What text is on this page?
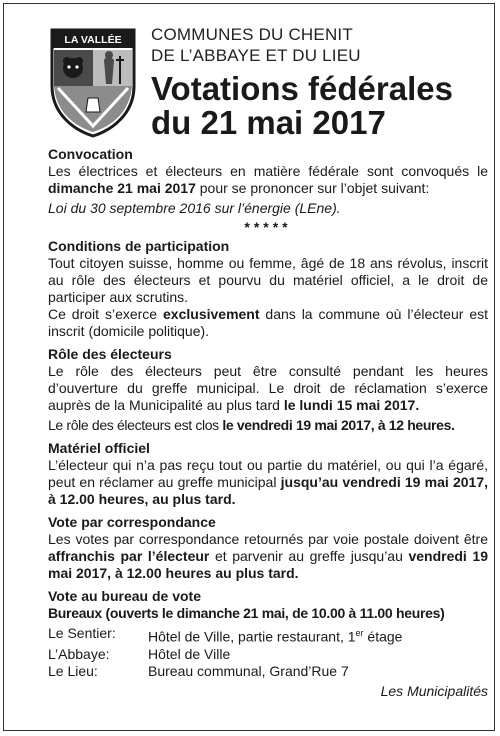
LA VALLÉE COMMUNES DU CHENIT
DE L’ABBAYE ET DU LIEU
Votations fédérales
du 21 mai 2017
Convocation

Les électrices et électeurs en matière fédérale sont convoqués le dimanche 21 mai 2017 pour se prononcer sur l’objet suivant:

Loi du 30 septembre 2016 sur l’énergie (LEne).

*****

Conditions de participation

Tout citoyen suisse, homme ou femme, âgé de 18 ans révolus, inscrit au rôle des électeurs et pourvu du matériel officiel, a le droit de participer aux scrutins.

Ce droit s’exerce exclusivement dans la commune où l’électeur est inscrit (domicile politique).

Rôle des électeurs

Le rôle des électeurs peut être consulté pendant les heures d’ouverture du greffe municipal. Le droit de réclamation s’exerce auprès de la Municipalité au plus tard le lundi 15 mai 2017.

Le rôle des électeurs est clos le vendredi 19 mai 2017, à 12 heures.

Matériel officiel

L’électeur qui n’a pas reçu tout ou partie du matériel, ou qui l’a égaré, peut en réclamer au greffe municipal jusqu’au vendredi 19 mai 2017, à 12.00 heures, au plus tard.

Vote par correspondance

Les votes par correspondance retournés par voie postale doivent être affranchis par l’électeur et parvenir au greffe jusqu’au vendredi 19 mai 2017, à 12.00 heures au plus tard.

Vote au bureau de vote
Bureaux (ouverts le dimanche 21 mai, de 10.00 à 11.00 heures)
Le Sentier:	Hôtel de Ville, partie restaurant, 1er étage
L’Abbaye:	Hôtel de Ville
Le Lieu:	Bureau communal, Grand’Rue 7
Les Municipalités
